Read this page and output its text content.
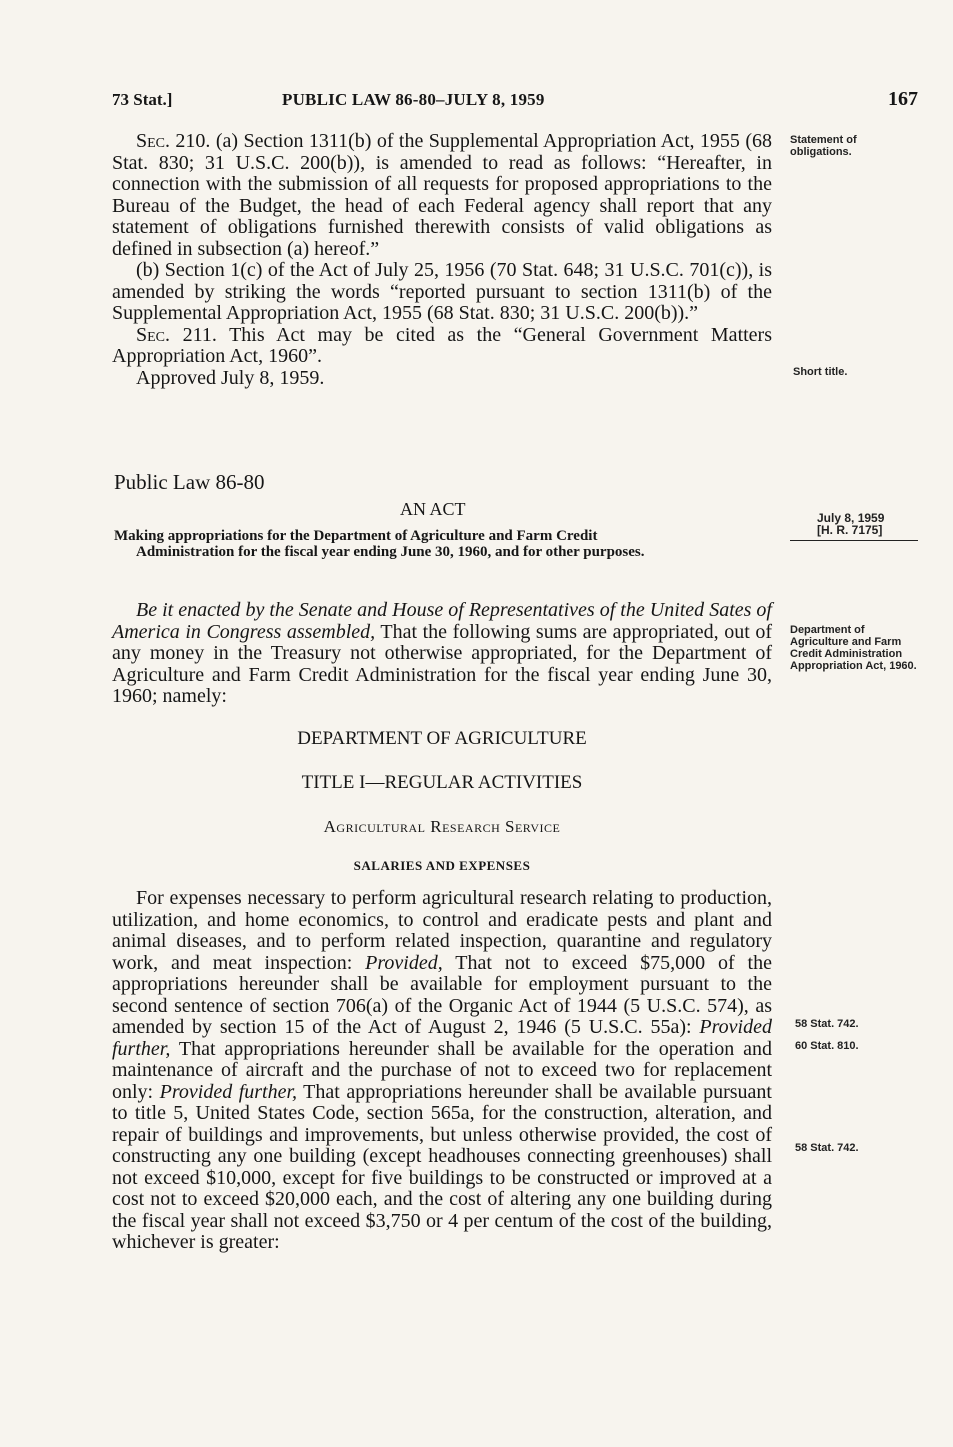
73 Stat.]	PUBLIC LAW 86-80–JULY 8, 1959	167

Sec. 210. (a) Section 1311(b) of the Supplemental Appropriation Act, 1955 (68 Stat. 830; 31 U.S.C. 200(b)), is amended to read as follows: “Hereafter, in connection with the submission of all requests for proposed appropriations to the Bureau of the Budget, the head of each Federal agency shall report that any statement of obligations furnished therewith consists of valid obligations as defined in subsection (a) hereof.”

(b) Section 1(c) of the Act of July 25, 1956 (70 Stat. 648; 31 U.S.C. 701(c)), is amended by striking the words “reported pursuant to section 1311(b) of the Supplemental Appropriation Act, 1955 (68 Stat. 830; 31 U.S.C. 200(b)).”

Sec. 211. This Act may be cited as the “General Government Matters Appropriation Act, 1960”.

Approved July 8, 1959.

Statement of obligations.
Short title.
Public Law 86-80
AN ACT
Making appropriations for the Department of Agriculture and Farm Credit
Administration for the fiscal year ending June 30, 1960, and for other purposes.
July 8, 1959
[H. R. 7175]

Be it enacted by the Senate and House of Representatives of the United Sates of America in Congress assembled, That the following sums are appropriated, out of any money in the Treasury not otherwise appropriated, for the Department of Agriculture and Farm Credit Administration for the fiscal year ending June 30, 1960; namely:

Department of Agriculture and Farm Credit Administration Appropriation Act, 1960.
DEPARTMENT OF AGRICULTURE
TITLE I—REGULAR ACTIVITIES
Agricultural Research Service
SALARIES AND EXPENSES

For expenses necessary to perform agricultural research relating to production, utilization, and home economics, to control and eradicate pests and plant and animal diseases, and to perform related inspection, quarantine and regulatory work, and meat inspection: Provided, That not to exceed $75,000 of the appropriations hereunder shall be available for employment pursuant to the second sentence of section 706(a) of the Organic Act of 1944 (5 U.S.C. 574), as amended by section 15 of the Act of August 2, 1946 (5 U.S.C. 55a): Provided further, That appropriations hereunder shall be available for the operation and maintenance of aircraft and the purchase of not to exceed two for replacement only: Provided further, That appropriations hereunder shall be available pursuant to title 5, United States Code, section 565a, for the construction, alteration, and repair of buildings and improvements, but unless otherwise provided, the cost of constructing any one building (except headhouses connecting greenhouses) shall not exceed $10,000, except for five buildings to be constructed or improved at a cost not to exceed $20,000 each, and the cost of altering any one building during the fiscal year shall not exceed $3,750 or 4 per centum of the cost of the building, whichever is greater:

58 Stat. 742.
60 Stat. 810.
58 Stat. 742.
